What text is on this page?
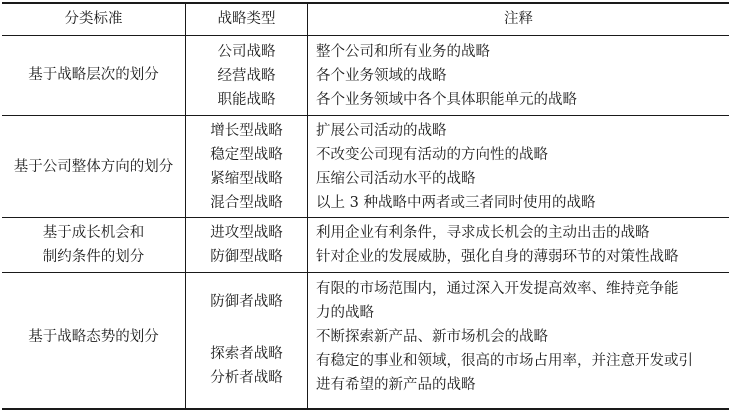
分类标准	战略类型	注释
基于战略层次的划分
公司战略
经营战略
职能战略
整个公司和所有业务的战略
各个业务领域的战略
各个业务领域中各个具体职能单元的战略
基于公司整体方向的划分
增长型战略
稳定型战略
紧缩型战略
混合型战略
扩展公司活动的战略
不改变公司现有活动的方向性的战略
压缩公司活动水平的战略
以上 3 种战略中两者或三者同时使用的战略
基于成长机会和
制约条件的划分
进攻型战略
防御型战略
利用企业有利条件，寻求成长机会的主动出击的战略
针对企业的发展威胁，强化自身的薄弱环节的对策性战略
基于战略态势的划分
防御者战略
探索者战略
分析者战略
有限的市场范围内，通过深入开发提高效率、维持竞争能
力的战略
不断探索新产品、新市场机会的战略
有稳定的事业和领域，很高的市场占用率，并注意开发或引
进有希望的新产品的战略
